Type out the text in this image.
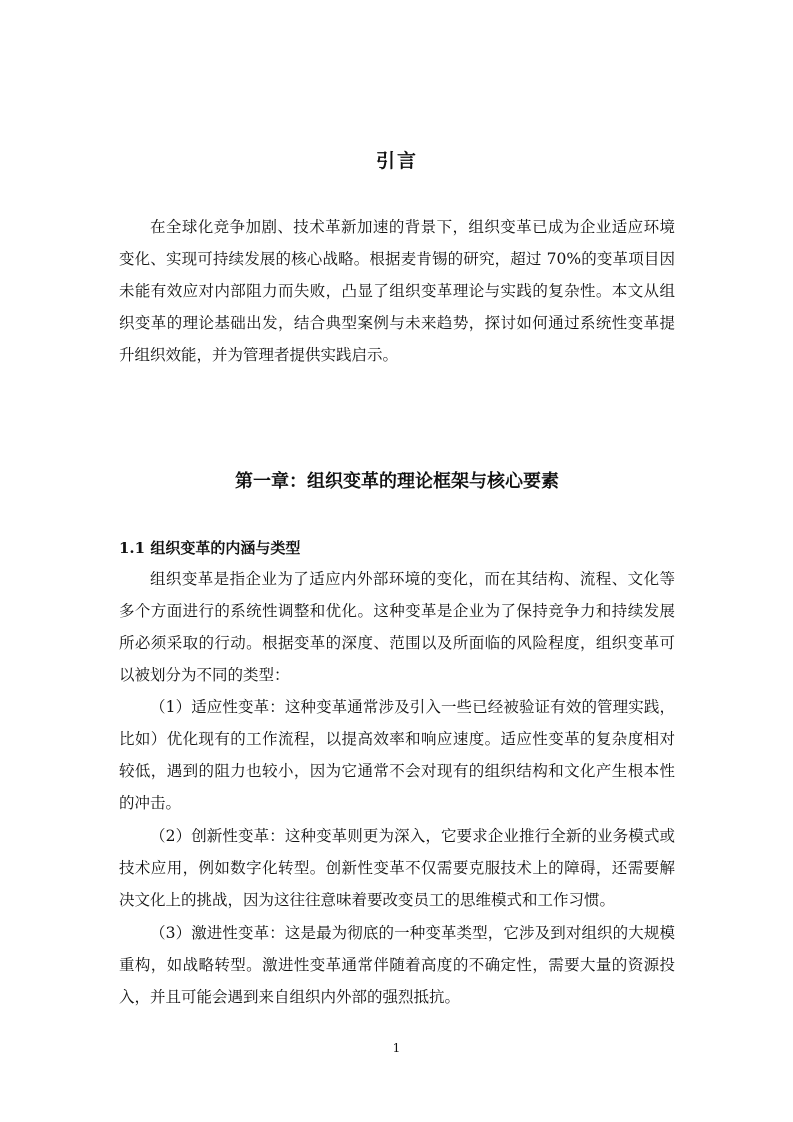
引言

在全球化竞争加剧、技术革新加速的背景下，组织变革已成为企业适应环境变化、实现可持续发展的核心战略。根据麦肯锡的研究，超过 70%的变革项目因未能有效应对内部阻力而失败，凸显了组织变革理论与实践的复杂性。本文从组织变革的理论基础出发，结合典型案例与未来趋势，探讨如何通过系统性变革提升组织效能，并为管理者提供实践启示。

第一章：组织变革的理论框架与核心要素
1.1 组织变革的内涵与类型

组织变革是指企业为了适应内外部环境的变化，而在其结构、流程、文化等多个方面进行的系统性调整和优化。这种变革是企业为了保持竞争力和持续发展所必须采取的行动。根据变革的深度、范围以及所面临的风险程度，组织变革可以被划分为不同的类型：

（1）适应性变革：这种变革通常涉及引入一些已经被验证有效的管理实践，比如）优化现有的工作流程，以提高效率和响应速度。适应性变革的复杂度相对较低，遇到的阻力也较小，因为它通常不会对现有的组织结构和文化产生根本性的冲击。

（2）创新性变革：这种变革则更为深入，它要求企业推行全新的业务模式或技术应用，例如数字化转型。创新性变革不仅需要克服技术上的障碍，还需要解决文化上的挑战，因为这往往意味着要改变员工的思维模式和工作习惯。

（3）激进性变革：这是最为彻底的一种变革类型，它涉及到对组织的大规模重构，如战略转型。激进性变革通常伴随着高度的不确定性，需要大量的资源投入，并且可能会遇到来自组织内外部的强烈抵抗。

1
